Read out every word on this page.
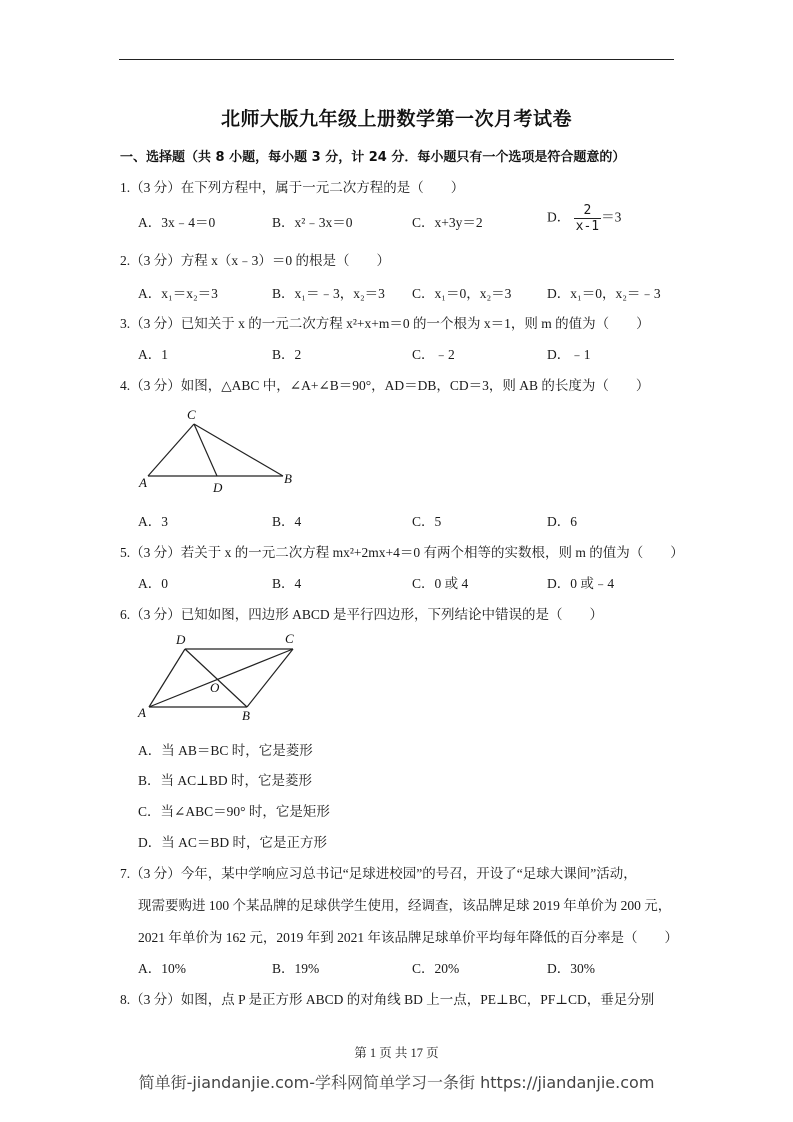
北师大版九年级上册数学第一次月考试卷
一、选择题（共 8 小题，每小题 3 分，计 24 分．每小题只有一个选项是符合题意的）
1.（3 分）在下列方程中，属于一元二次方程的是（　　）
A．3x﹣4＝0	B．x²﹣3x＝0	C．x+3y＝2	D． $\frac{2}{x-1} =3$
2.（3 分）方程 x（x﹣3）＝0 的根是（　　）
A．x₁＝x₂＝3	B．x₁＝﹣3，x₂＝3 C．x₁＝0，x₂＝3	D．x₁＝0，x₂＝﹣3
3.（3 分）已知关于 x 的一元二次方程 x²+x+m＝0 的一个根为 x＝1，则 m 的值为（　　）
A．1	B．2	C．﹣2	D．﹣1
4.（3 分）如图，△ABC 中，∠A+∠B＝90°，AD＝DB，CD＝3，则 AB 的长度为（　　）
C
A	D
B
A．3	B．4	C．5	D．6
5.（3 分）若关于 x 的一元二次方程 mx²+2mx+4＝0 有两个相等的实数根，则 m 的值为（　　）
A．0	B．4	C．0 或 4	D．0 或﹣4
6.（3 分）已知如图，四边形 ABCD 是平行四边形，下列结论中错误的是（　　）
D	C
O
A	B
A．当 AB＝BC 时，它是菱形
B．当 AC⊥BD 时，它是菱形
C．当∠ABC＝90° 时，它是矩形
D．当 AC＝BD 时，它是正方形
7.（3 分）今年，某中学响应习总书记“足球进校园”的号召，开设了“足球大课间”活动，
现需要购进 100 个某品牌的足球供学生使用，经调查，该品牌足球 2019 年单价为 200 元，
2021 年单价为 162 元，2019 年到 2021 年该品牌足球单价平均每年降低的百分率是（　　）
A．10%	B．19%	C．20%	D．30%
8.（3 分）如图，点 P 是正方形 ABCD 的对角线 BD 上一点，PE⊥BC，PF⊥CD，垂足分别
第 1 页 共 17 页
简单街-jiandanjie.com-学科网简单学习一条街 https://jiandanjie.com
